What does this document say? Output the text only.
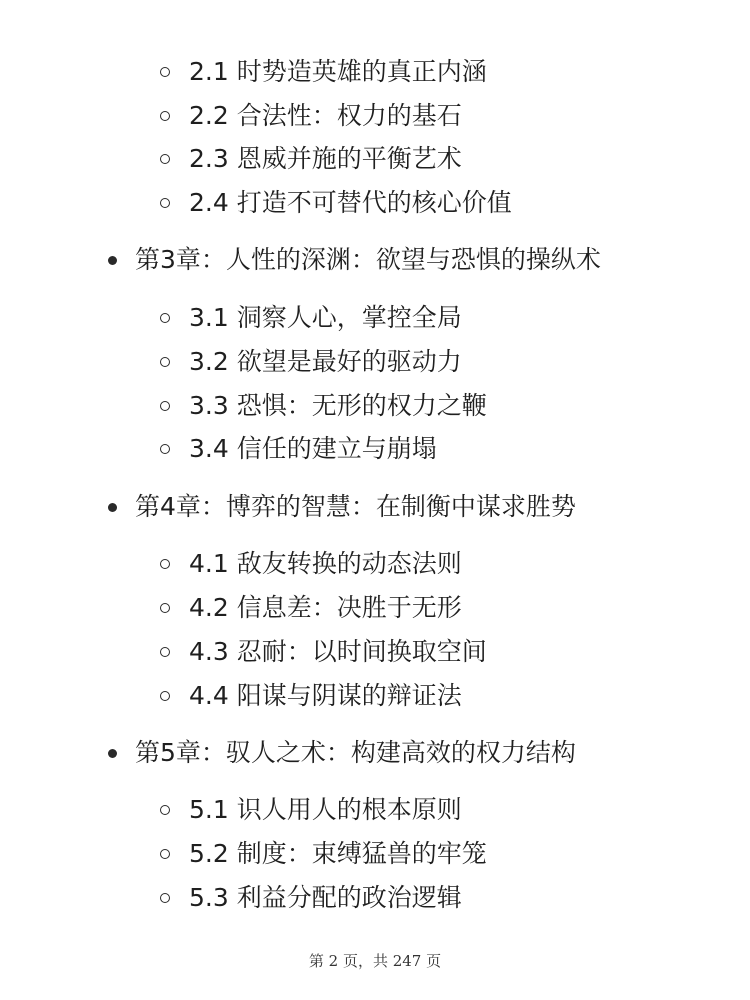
2.1 时势造英雄的真正内涵
2.2 合法性：权力的基石
2.3 恩威并施的平衡艺术
2.4 打造不可替代的核心价值
第3章：人性的深渊：欲望与恐惧的操纵术
3.1 洞察人心，掌控全局
3.2 欲望是最好的驱动力
3.3 恐惧：无形的权力之鞭
3.4 信任的建立与崩塌
第4章：博弈的智慧：在制衡中谋求胜势
4.1 敌友转换的动态法则
4.2 信息差：决胜于无形
4.3 忍耐：以时间换取空间
4.4 阳谋与阴谋的辩证法
第5章：驭人之术：构建高效的权力结构
5.1 识人用人的根本原则
5.2 制度：束缚猛兽的牢笼
5.3 利益分配的政治逻辑
第 2 页，共 247 页
